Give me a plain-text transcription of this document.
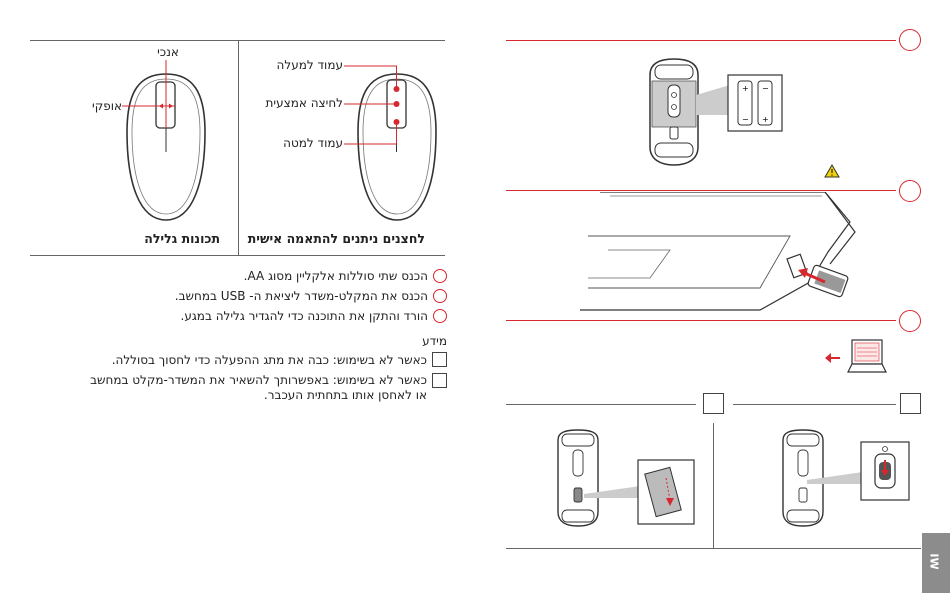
עמוד למעלה
לחיצה אמצעית
עמוד למטה
לחצנים ניתנים להתאמה אישית
אנכי
אופקי
תכונות גלילה
הכנס שתי סוללות אלקליין מסוג AA.
הכנס את המקלט-משדר ליציאת ה- USB במחשב.
הורד והתקן את התוכנה כדי להגדיר גלילה במגע.
מידע
כאשר לא בשימוש: כבה את מתג ההפעלה כדי לחסוך בסוללה.
כאשר לא בשימוש: באפשרותך להשאיר את המשדר-מקלט במחשב
או לאחסן אותו בתחתית העכבר.
+
−
−
+
IW
